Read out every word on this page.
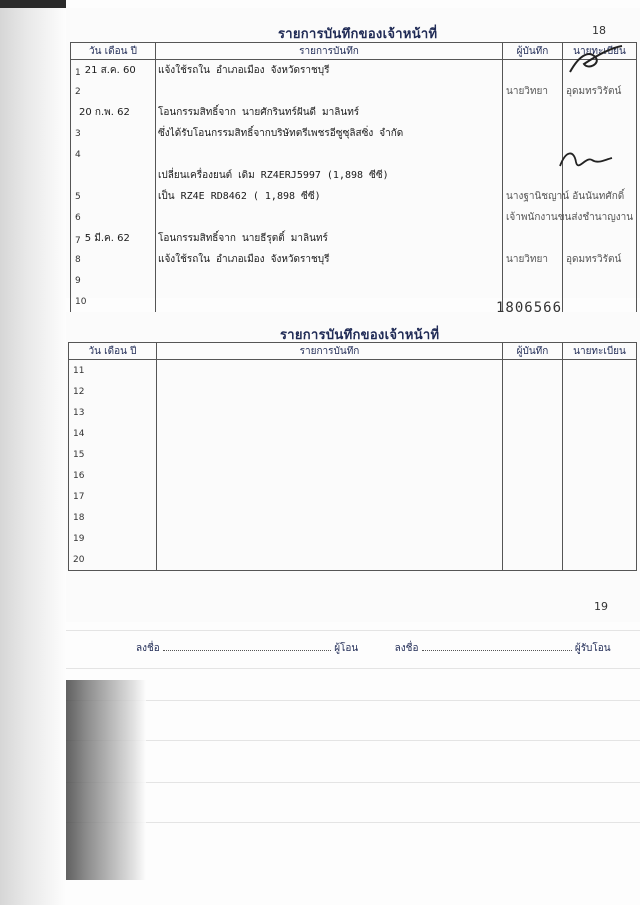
รายการบันทึกของเจ้าหน้าที่	18
วัน เดือน ปี	รายการบันทึก	ผู้บันทึก	นายทะเบียน
1 21 ส.ค. 60	แจ้งใช้รถใน อำเภอเมือง จังหวัดราชบุรี		
2		นายวิทยา	อุดมทรวิรัตน์
20 ก.พ. 62	โอนกรรมสิทธิ์จาก นายศักรินทร์ฝันดี มาลินทร์		
3	ซึ่งได้รับโอนกรรมสิทธิ์จากบริษัทตรีเพชรอีซูซุลิสซิ่ง จำกัด		
4			
	เปลี่ยนเครื่องยนต์ เดิม RZ4ERJ5997 (1,898 ซีซี)		
5	เป็น RZ4E RD8462 ( 1,898 ซีซี)	นางฐานิชญาน์ อันนันทศักดิ์	
6		เจ้าพนักงานขนส่งชำนาญงาน	
7 5 มี.ค. 62	โอนกรรมสิทธิ์จาก นายธีรุตติ์ มาลินทร์		
8	แจ้งใช้รถใน อำเภอเมือง จังหวัดราชบุรี	นายวิทยา	อุดมทรวิรัตน์
9			
10				1806566
รายการบันทึกของเจ้าหน้าที่
วัน เดือน ปี	รายการบันทึก	ผู้บันทึก	นายทะเบียน
11			
12			
13			
14			
15			
16			
17			
18			
19			
20			
19
ลงชื่อ	ผู้โอน	ลงชื่อ	ผู้รับโอน
